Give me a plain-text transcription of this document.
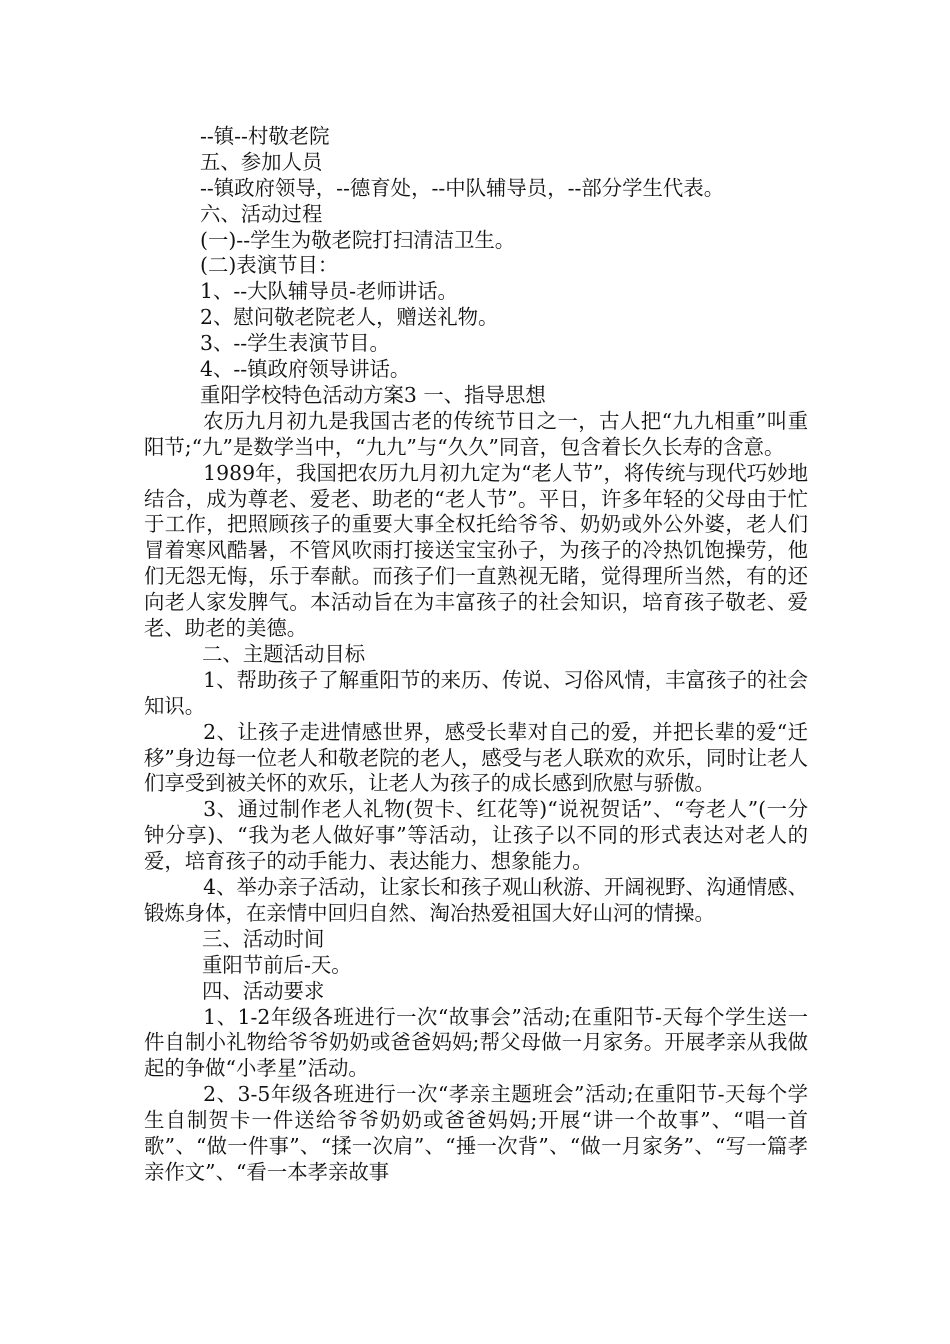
--镇--村敬老院
五、参加人员
--镇政府领导，--德育处，--中队辅导员，--部分学生代表。
六、活动过程
(一)--学生为敬老院打扫清洁卫生。
(二)表演节目：
1、--大队辅导员-老师讲话。
2、慰问敬老院老人，赠送礼物。
3、--学生表演节目。
4、--镇政府领导讲话。
重阳学校特色活动方案3 一、指导思想

农历九月初九是我国古老的传统节日之一，古人把“九九相重”叫重阳节;“九”是数学当中，“九九”与“久久”同音，包含着长久长寿的含意。

1989年，我国把农历九月初九定为“老人节”，将传统与现代巧妙地结合，成为尊老、爱老、助老的“老人节”。平日，许多年轻的父母由于忙于工作，把照顾孩子的重要大事全权托给爷爷、奶奶或外公外婆，老人们冒着寒风酷暑，不管风吹雨打接送宝宝孙子，为孩子的冷热饥饱操劳，他们无怨无悔，乐于奉献。而孩子们一直熟视无睹，觉得理所当然，有的还向老人家发脾气。本活动旨在为丰富孩子的社会知识，培育孩子敬老、爱老、助老的美德。

二、主题活动目标

1、帮助孩子了解重阳节的来历、传说、习俗风情，丰富孩子的社会知识。

2、让孩子走进情感世界，感受长辈对自己的爱，并把长辈的爱“迁移”身边每一位老人和敬老院的老人，感受与老人联欢的欢乐，同时让老人们享受到被关怀的欢乐，让老人为孩子的成长感到欣慰与骄傲。

3、通过制作老人礼物(贺卡、红花等)“说祝贺话”、“夸老人”(一分钟分享)、“我为老人做好事”等活动，让孩子以不同的形式表达对老人的爱，培育孩子的动手能力、表达能力、想象能力。

4、举办亲子活动，让家长和孩子观山秋游、开阔视野、沟通情感、锻炼身体，在亲情中回归自然、淘冶热爱祖国大好山河的情操。

三、活动时间
重阳节前后-天。
四、活动要求

1、1-2年级各班进行一次“故事会”活动;在重阳节-天每个学生送一件自制小礼物给爷爷奶奶或爸爸妈妈;帮父母做一月家务。开展孝亲从我做起的争做“小孝星”活动。

2、3-5年级各班进行一次“孝亲主题班会”活动;在重阳节-天每个学生自制贺卡一件送给爷爷奶奶或爸爸妈妈;开展“讲一个故事”、“唱一首歌”、“做一件事”、“揉一次肩”、“捶一次背”、“做一月家务”、“写一篇孝亲作文”、“看一本孝亲故事
